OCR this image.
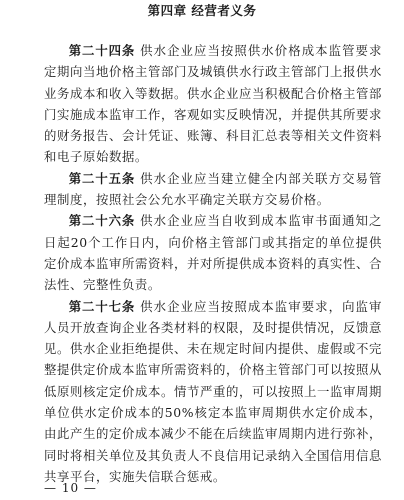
第四章 经营者义务

第二十四条 供水企业应当按照供水价格成本监管要求定期向当地价格主管部门及城镇供水行政主管部门上报供水业务成本和收入等数据。供水企业应当积极配合价格主管部门实施成本监审工作，客观如实反映情况，并提供其所要求的财务报告、会计凭证、账簿、科目汇总表等相关文件资料和电子原始数据。

第二十五条 供水企业应当建立健全内部关联方交易管理制度，按照社会公允水平确定关联方交易价格。

第二十六条 供水企业应当自收到成本监审书面通知之日起20个工作日内，向价格主管部门或其指定的单位提供定价成本监审所需资料，并对所提供成本资料的真实性、合法性、完整性负责。

第二十七条 供水企业应当按照成本监审要求，向监审人员开放查询企业各类材料的权限，及时提供情况，反馈意见。供水企业拒绝提供、未在规定时间内提供、虚假或不完整提供定价成本监审所需资料的，价格主管部门可以按照从低原则核定定价成本。情节严重的，可以按照上一监审周期单位供水定价成本的50%核定本监审周期供水定价成本，由此产生的定价成本减少不能在后续监审周期内进行弥补，同时将相关单位及其负责人不良信用记录纳入全国信用信息共享平台，实施失信联合惩戒。

— 10 —
